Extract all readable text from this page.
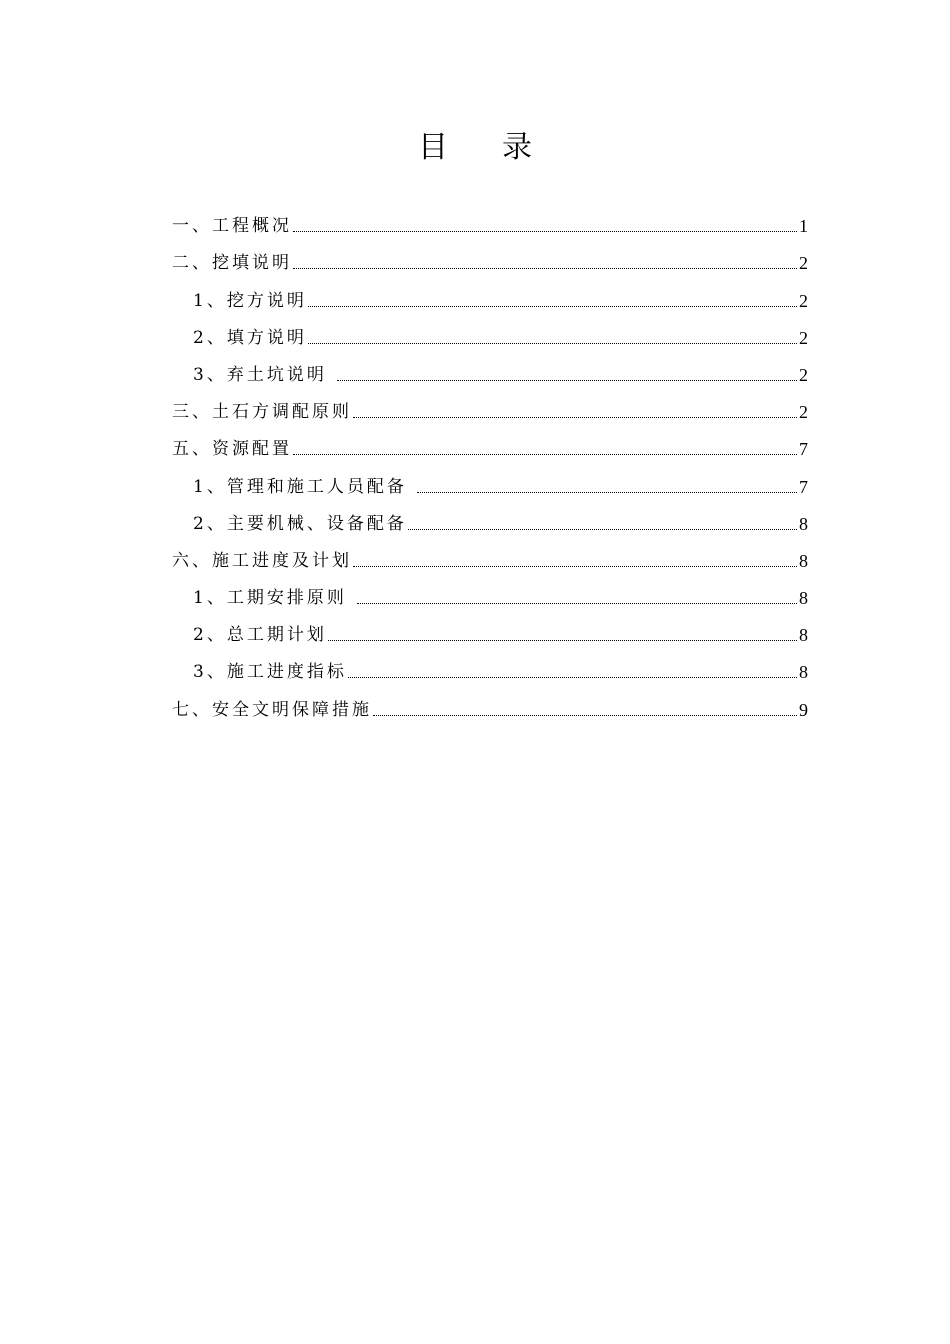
目 录
一、工程概况	1
二、挖填说明	2
1、挖方说明	2
2、填方说明	2
3、弃土坑说明	2
三、土石方调配原则	2
五、资源配置	7
1、管理和施工人员配备	7
2、主要机械、设备配备	8
六、施工进度及计划	8
1、工期安排原则	8
2、总工期计划	8
3、施工进度指标	8
七、安全文明保障措施	9
